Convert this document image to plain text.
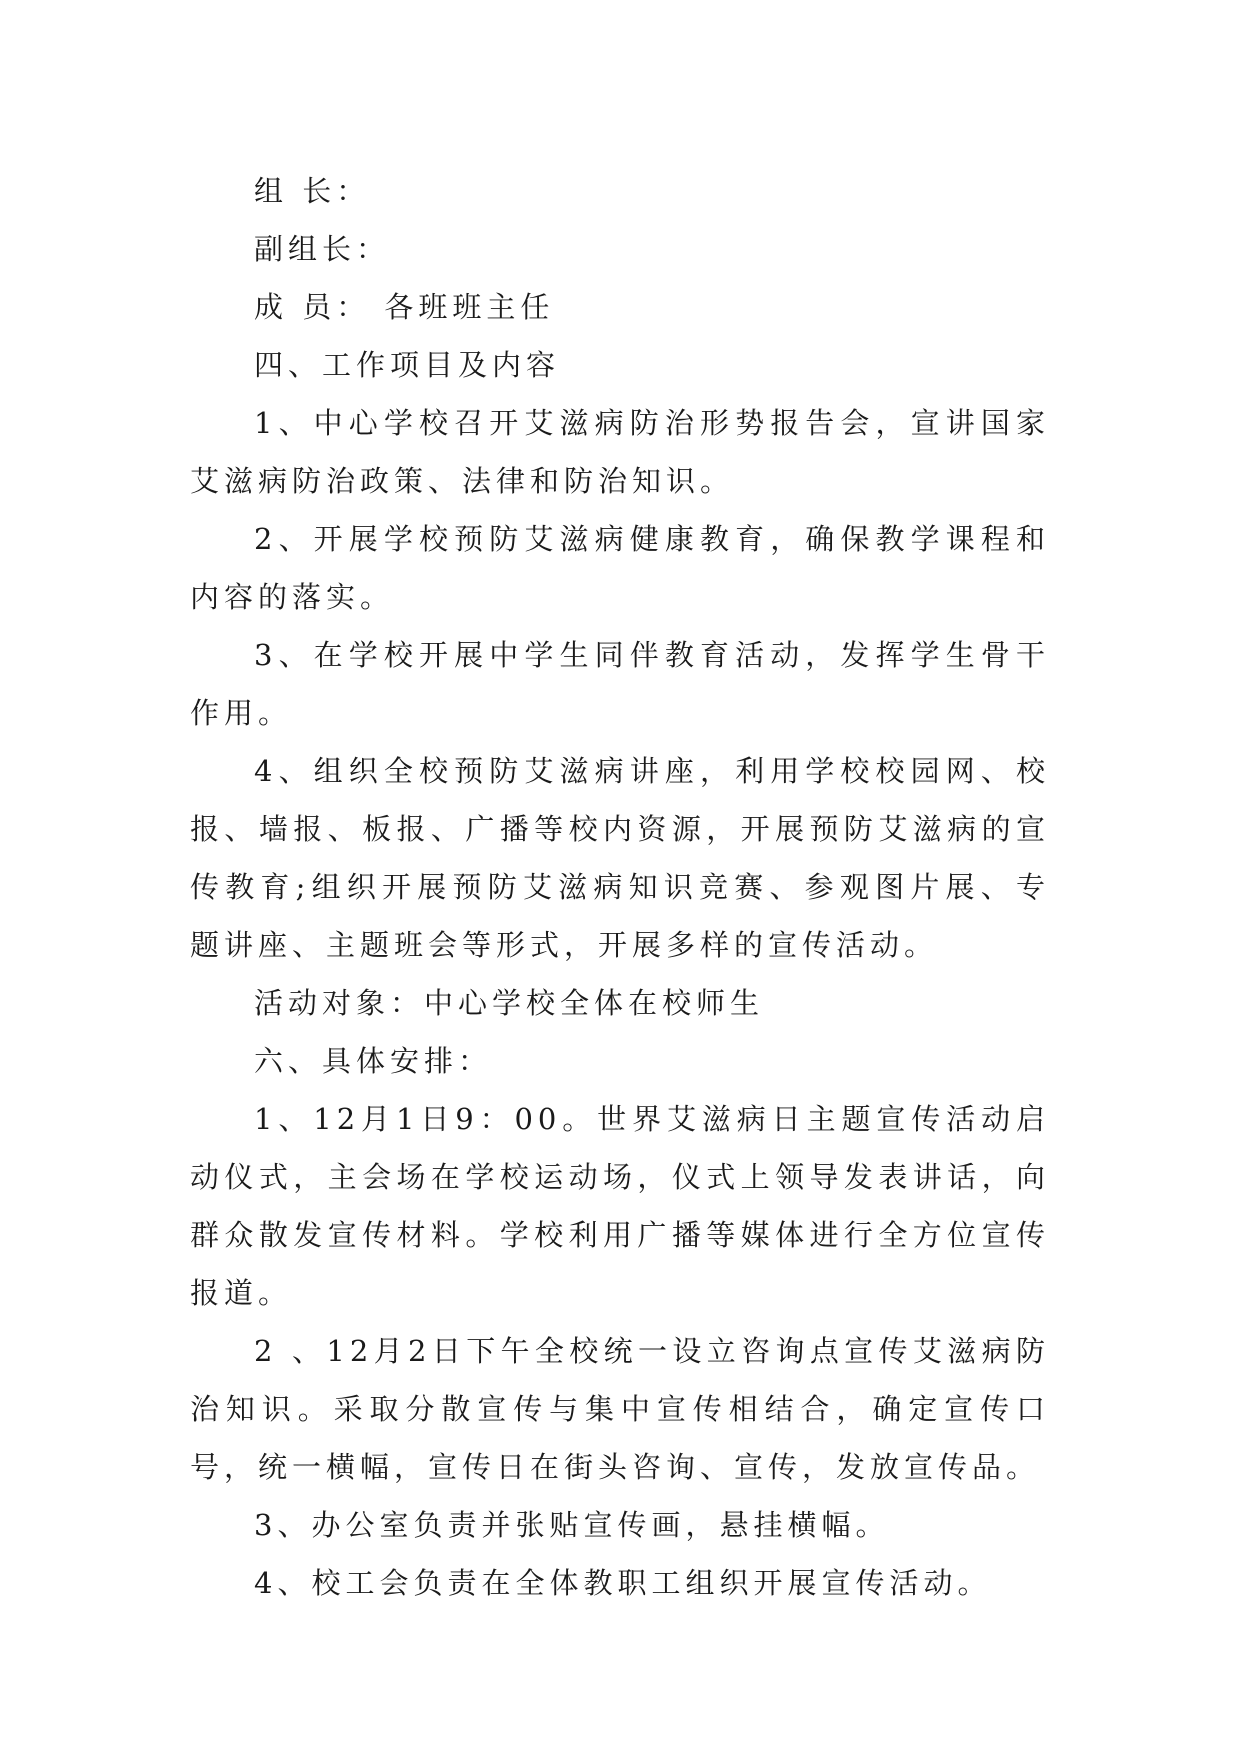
组 长：

副组长：

成 员： 各班班主任

四、工作项目及内容

1、中心学校召开艾滋病防治形势报告会，宣讲国家艾滋病防治政策、法律和防治知识。

2、开展学校预防艾滋病健康教育，确保教学课程和内容的落实。

3、在学校开展中学生同伴教育活动，发挥学生骨干作用。

4、组织全校预防艾滋病讲座，利用学校校园网、校报、墙报、板报、广播等校内资源，开展预防艾滋病的宣传教育;组织开展预防艾滋病知识竞赛、参观图片展、专题讲座、主题班会等形式，开展多样的宣传活动。

活动对象：中心学校全体在校师生

六、具体安排：

1、12月1日9：00。世界艾滋病日主题宣传活动启动仪式，主会场在学校运动场，仪式上领导发表讲话，向群众散发宣传材料。学校利用广播等媒体进行全方位宣传报道。

2 、12月2日下午全校统一设立咨询点宣传艾滋病防治知识。采取分散宣传与集中宣传相结合，确定宣传口号，统一横幅，宣传日在街头咨询、宣传，发放宣传品。

3、办公室负责并张贴宣传画，悬挂横幅。

4、校工会负责在全体教职工组织开展宣传活动。
